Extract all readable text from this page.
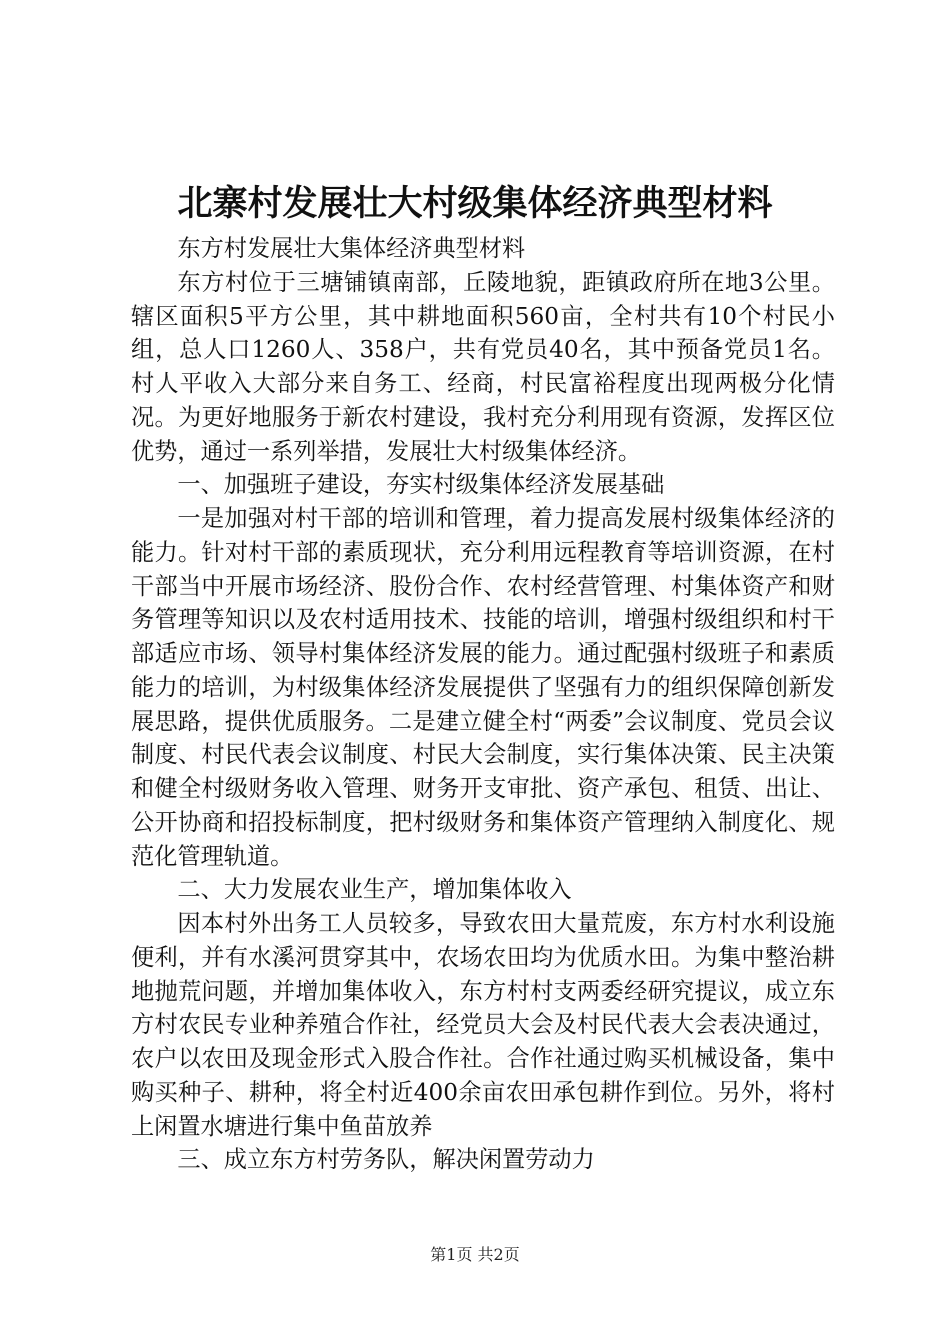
北寨村发展壮大村级集体经济典型材料

东方村发展壮大集体经济典型材料

东方村位于三塘铺镇南部，丘陵地貌，距镇政府所在地3公里。辖区面积5平方公里，其中耕地面积560亩，全村共有10个村民小组，总人口1260人、358户，共有党员40名，其中预备党员1名。村人平收入大部分来自务工、经商，村民富裕程度出现两极分化情况。为更好地服务于新农村建设，我村充分利用现有资源，发挥区位优势，通过一系列举措，发展壮大村级集体经济。

一、加强班子建设，夯实村级集体经济发展基础

一是加强对村干部的培训和管理，着力提高发展村级集体经济的能力。针对村干部的素质现状，充分利用远程教育等培训资源，在村干部当中开展市场经济、股份合作、农村经营管理、村集体资产和财务管理等知识以及农村适用技术、技能的培训，增强村级组织和村干部适应市场、领导村集体经济发展的能力。通过配强村级班子和素质能力的培训，为村级集体经济发展提供了坚强有力的组织保障创新发展思路，提供优质服务。二是建立健全村“两委”会议制度、党员会议制度、村民代表会议制度、村民大会制度，实行集体决策、民主决策和健全村级财务收入管理、财务开支审批、资产承包、租赁、出让、公开协商和招投标制度，把村级财务和集体资产管理纳入制度化、规范化管理轨道。

二、大力发展农业生产，增加集体收入

因本村外出务工人员较多，导致农田大量荒废，东方村水利设施便利，并有水溪河贯穿其中，农场农田均为优质水田。为集中整治耕地抛荒问题，并增加集体收入，东方村村支两委经研究提议，成立东方村农民专业种养殖合作社，经党员大会及村民代表大会表决通过，农户以农田及现金形式入股合作社。合作社通过购买机械设备，集中购买种子、耕种，将全村近400余亩农田承包耕作到位。另外，将村上闲置水塘进行集中鱼苗放养

三、成立东方村劳务队，解决闲置劳动力

第1页 共2页
